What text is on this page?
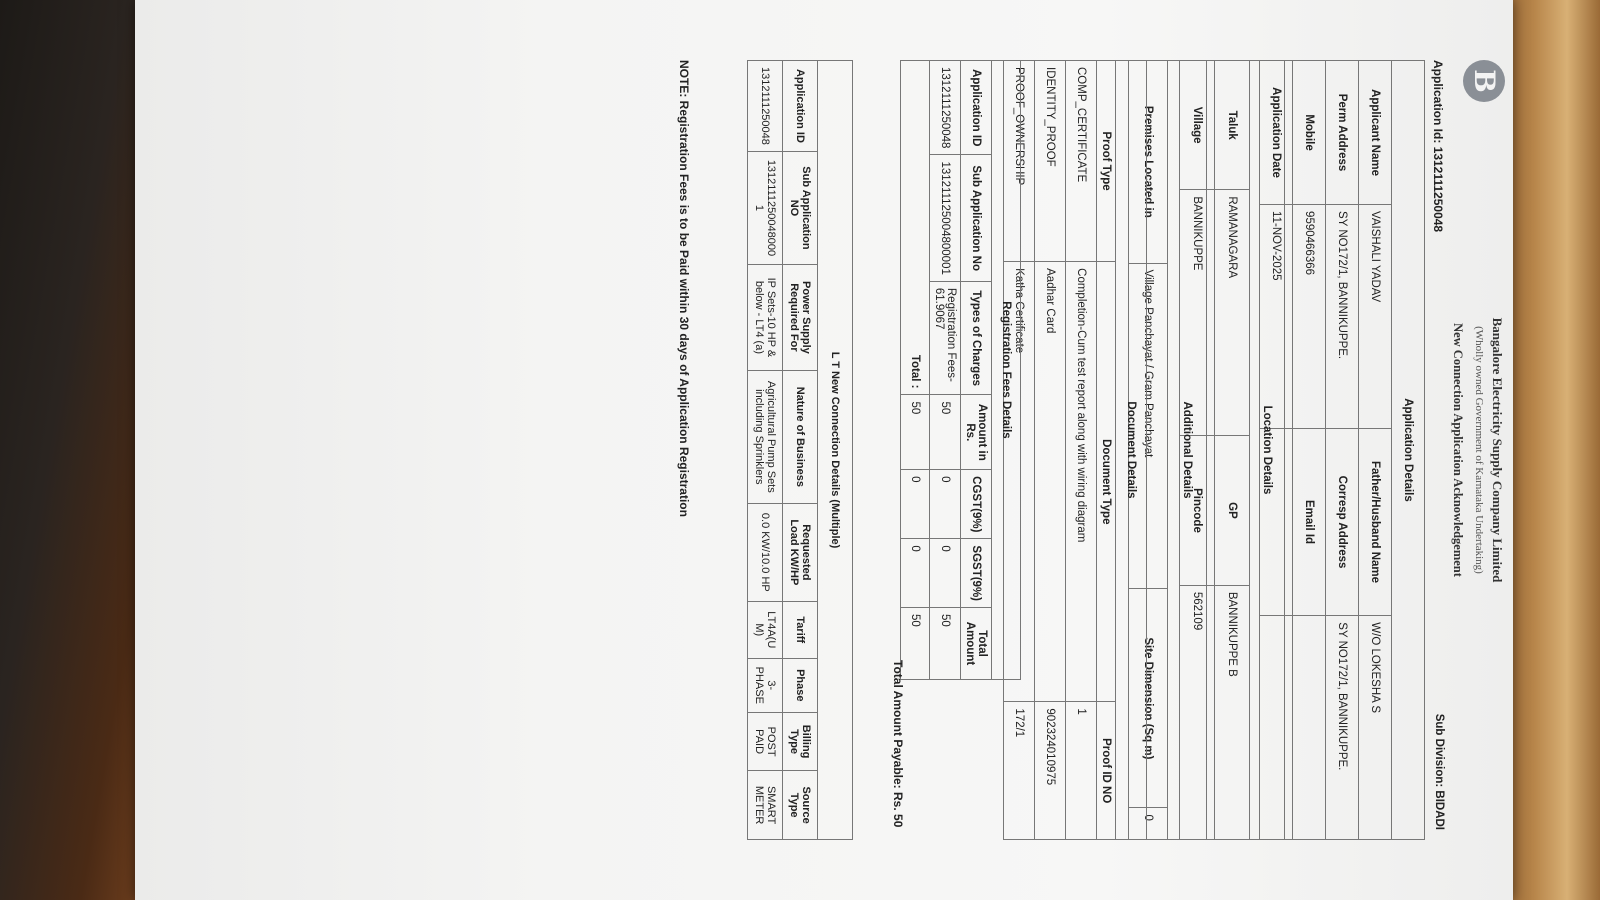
B
Bangalore Electricity Supply Company Limited
(Wholly owned Government of Karnataka Undertaking)
New Connection Application Acknowledgement
Application Id: 1312111250048
Sub Division: BIDADI
Application Details			
Applicant Name	VAISHALI YADAV	Father/Husband Name	W/O LOKESHA S
Perm Address	SY NO172/1, BANNIKUPPE.	Corresp Address	SY NO172/1, BANNIKUPPE.
Mobile	9590466366	Email Id	
Application Date	11-NOV-2025		
Location Details			
Taluk	RAMANAGARA	GP	BANNIKUPPE B
Village	BANNIKUPPE	Pincode	562109
Additional Details
Premises Located in	Village Panchayat / Gram Panchayat	Site Dimension (Sq m)	0
Document Details		
Proof Type	Document Type	Proof ID NO
COMP_CERTIFICATE	Completion-Cum test report along with wiring diagram	1
IDENTITY_PROOF	Aadhar Card	902324010975
PROOF_OWNERSHIP	Katha Certificate	172/1
Registration Fees Details						
Application ID	Sub Application No	Types of Charges	Amount in Rs.	CGST(9%)	SGST(9%)	Total Amount
1312111250048	131211125004800001	Registration Fees-61.9067	50	0	0	50
Total :			50	0	0	50
Total Amount Payable: Rs. 50
L T New Connection Details (Multiple)								
Application ID	Sub Application NO	Power Supply Required For	Nature of Business	Requested Load KW/HP	Tariff	Phase	Billing Type	Source Type
1312111250048	1312111250048000 1	IP Sets-10 HP & below - LT4 (a)	Agricultural Pump Sets including Sprinklers	0.0 KW/10.0 HP	LT4A(U M)	3-PHASE	POST PAID	SMART METER
NOTE: Registration Fees is to be Paid within 30 days of Application Registration
